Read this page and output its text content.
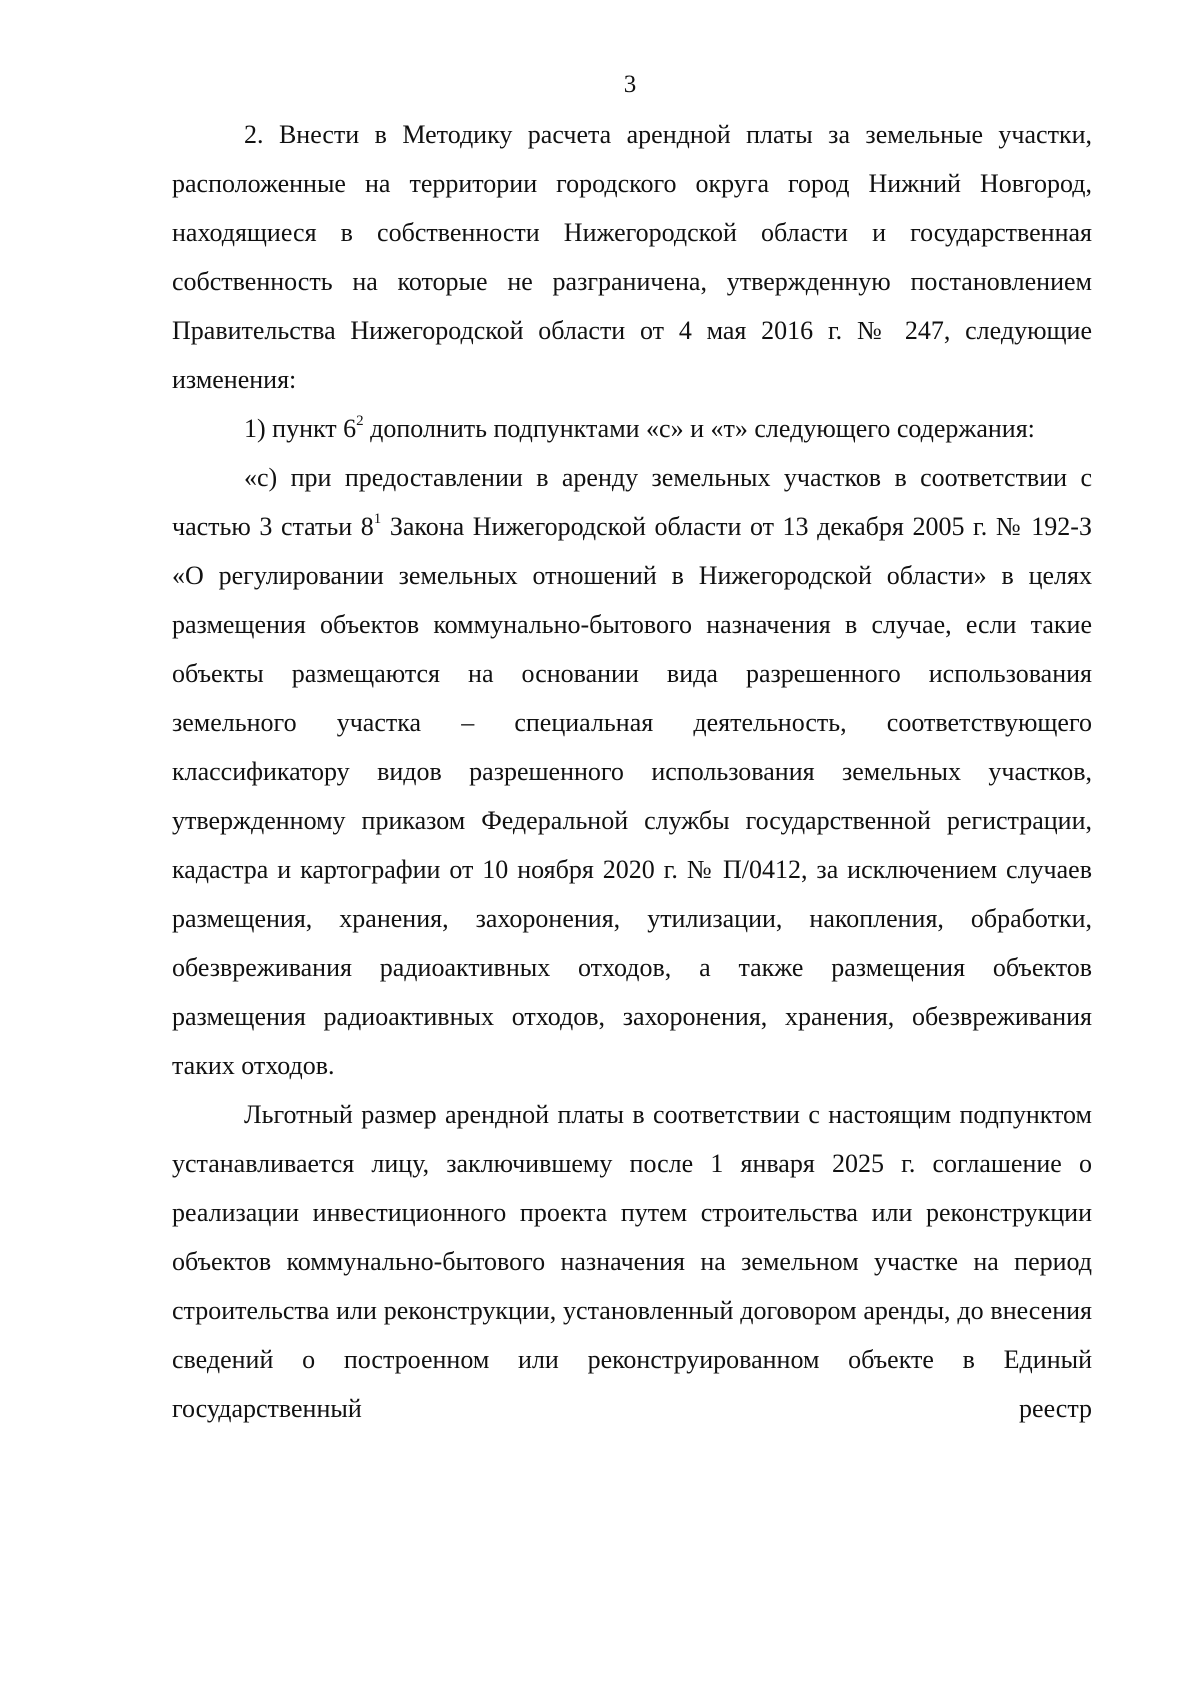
3

2. Внести в Методику расчета арендной платы за земельные участки, расположенные на территории городского округа город Нижний Новгород, находящиеся в собственности Нижегородской области и государственная собственность на которые не разграничена, утвержденную постановлением Правительства Нижегородской области от 4 мая 2016 г. № 247, следующие изменения:

1) пункт $6^2$ дополнить подпунктами «с» и «т» следующего содержания:

«с) при предоставлении в аренду земельных участков в соответствии с частью 3 статьи $8^1$ Закона Нижегородской области от 13 декабря 2005 г. № 192-З «О регулировании земельных отношений в Нижегородской области» в целях размещения объектов коммунально-бытового назначения в случае, если такие объекты размещаются на основании вида разрешенного использования земельного участка – специальная деятельность, соответствующего классификатору видов разрешенного использования земельных участков, утвержденному приказом Федеральной службы государственной регистрации, кадастра и картографии от 10 ноября 2020 г. № П/0412, за исключением случаев размещения, хранения, захоронения, утилизации, накопления, обработки, обезвреживания радиоактивных отходов, а также размещения объектов размещения радиоактивных отходов, захоронения, хранения, обезвреживания таких отходов.

Льготный размер арендной платы в соответствии с настоящим подпунктом устанавливается лицу, заключившему после 1 января 2025 г. соглашение о реализации инвестиционного проекта путем строительства или реконструкции объектов коммунально-бытового назначения на земельном участке на период строительства или реконструкции, установленный договором аренды, до внесения сведений о построенном или реконструированном объекте в Единый государственный реестр
